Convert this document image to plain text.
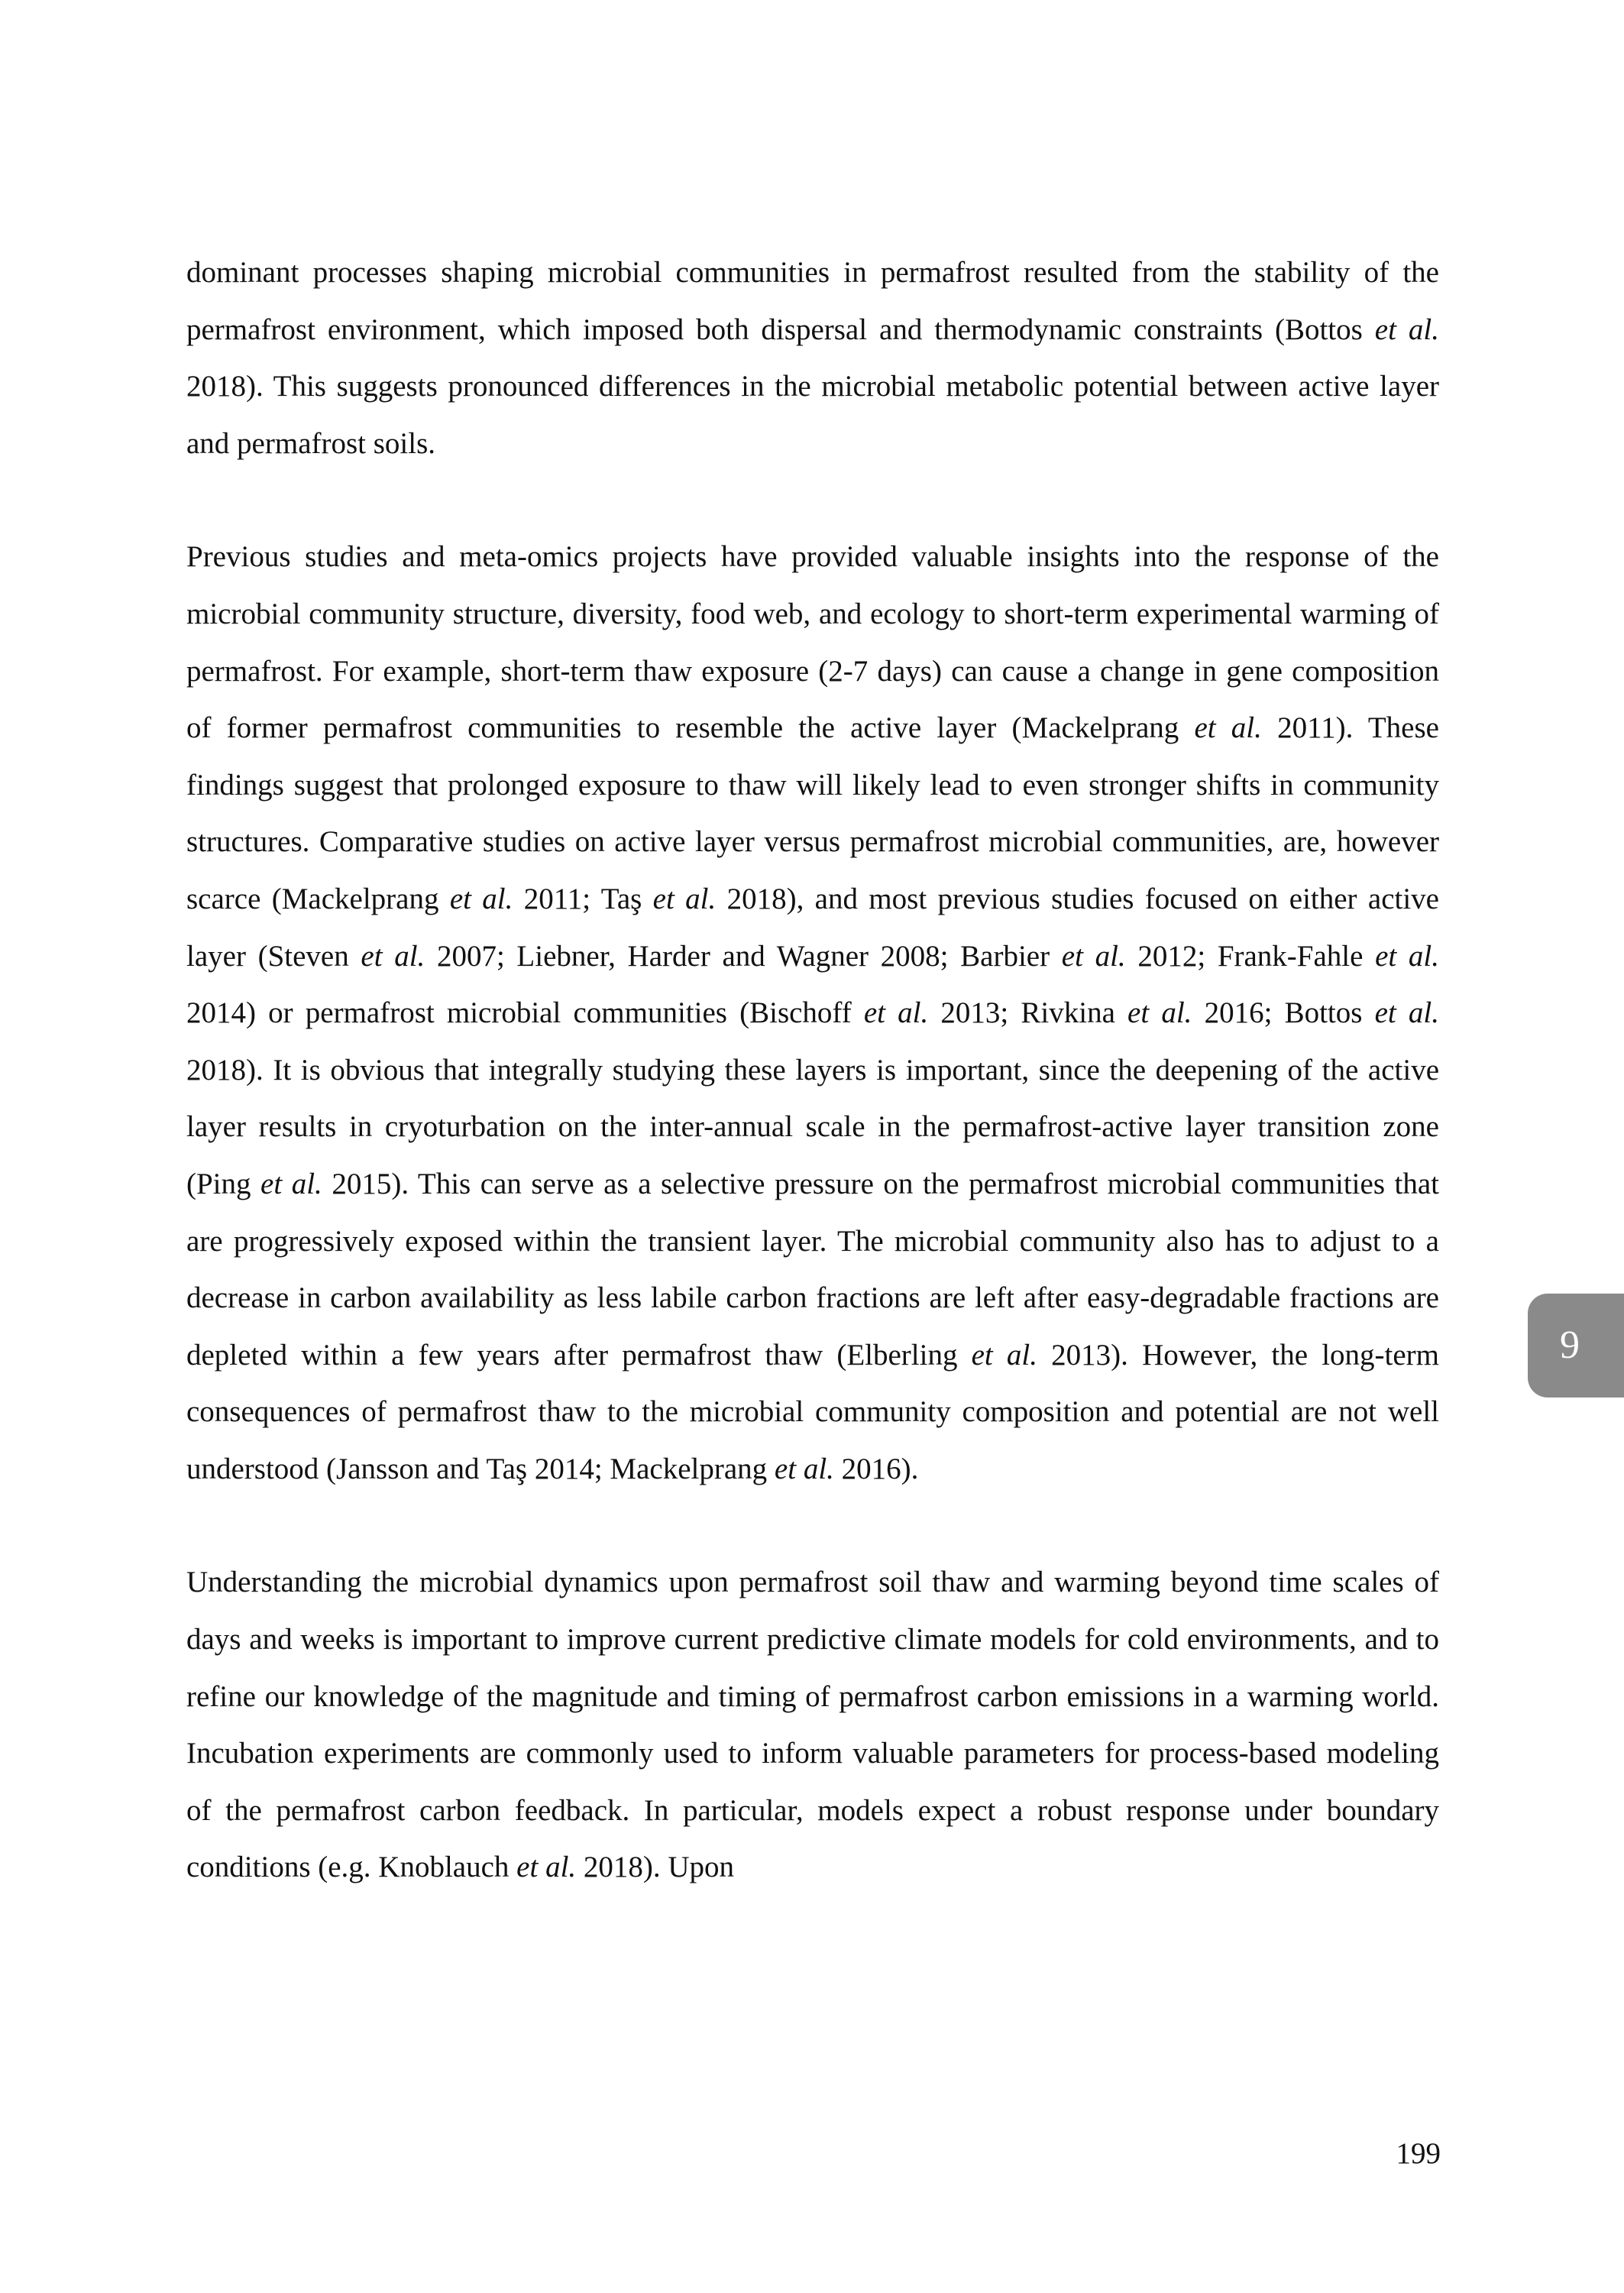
dominant processes shaping microbial communities in permafrost resulted from the stability of the permafrost environment, which imposed both dispersal and thermodynamic constraints (Bottos et al. 2018). This suggests pronounced differences in the microbial metabolic potential between active layer and permafrost soils.

Previous studies and meta-omics projects have provided valuable insights into the response of the microbial community structure, diversity, food web, and ecology to short-term experimental warming of permafrost. For example, short-term thaw exposure (2-7 days) can cause a change in gene composition of former permafrost communities to resemble the active layer (Mackelprang et al. 2011). These findings suggest that prolonged exposure to thaw will likely lead to even stronger shifts in community structures. Comparative studies on active layer versus permafrost microbial communities, are, however scarce (Mackelprang et al. 2011; Taş et al. 2018), and most previous studies focused on either active layer (Steven et al. 2007; Liebner, Harder and Wagner 2008; Barbier et al. 2012; Frank-Fahle et al. 2014) or permafrost microbial communities (Bischoff et al. 2013; Rivkina et al. 2016; Bottos et al. 2018). It is obvious that integrally studying these layers is important, since the deepening of the active layer results in cryoturbation on the inter-annual scale in the permafrost-active layer transition zone (Ping et al. 2015). This can serve as a selective pressure on the permafrost microbial communities that are progressively exposed within the transient layer. The microbial community also has to adjust to a decrease in carbon availability as less labile carbon fractions are left after easy-degradable fractions are depleted within a few years after permafrost thaw (Elberling et al. 2013). However, the long-term consequences of permafrost thaw to the microbial community composition and potential are not well understood (Jansson and Taş 2014; Mackelprang et al. 2016).

Understanding the microbial dynamics upon permafrost soil thaw and warming beyond time scales of days and weeks is important to improve current predictive climate models for cold environments, and to refine our knowledge of the magnitude and timing of permafrost carbon emissions in a warming world. Incubation experiments are commonly used to inform valuable parameters for process-based modeling of the permafrost carbon feedback. In particular, models expect a robust response under boundary conditions (e.g. Knoblauch et al. 2018). Upon

9
199
